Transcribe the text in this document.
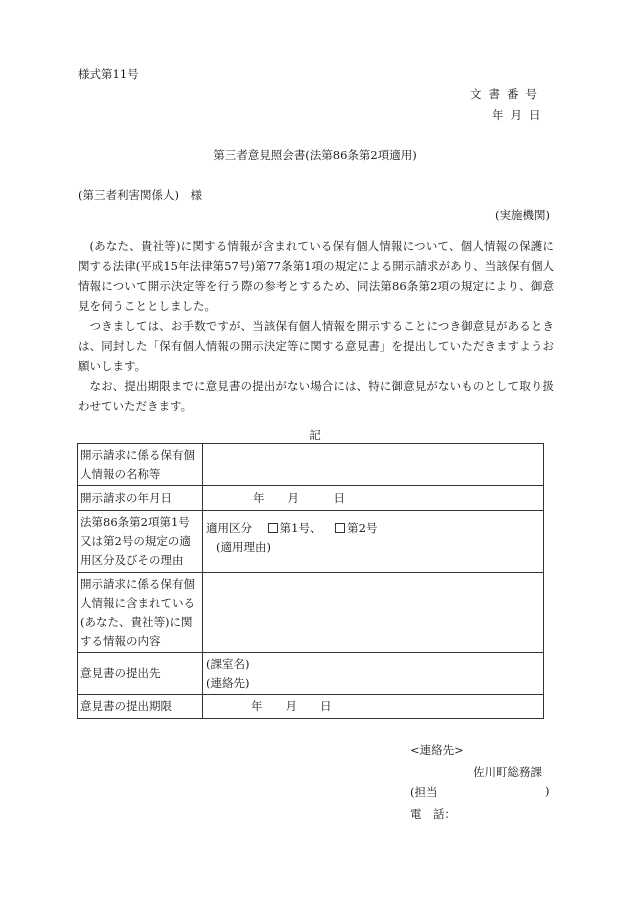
様式第11号
文書番号
年月日
第三者意見照会書(法第86条第2項適用)
(第三者利害関係人)　様
(実施機関)

(あなた、貴社等)に関する情報が含まれている保有個人情報について、個人情報の保護に関する法律(平成15年法律第57号)第77条第1項の規定による開示請求があり、当該保有個人情報について開示決定等を行う際の参考とするため、同法第86条第2項の規定により、御意見を伺うこととしました。

つきましては、お手数ですが、当該保有個人情報を開示することにつき御意見があるときは、同封した「保有個人情報の開示決定等に関する意見書」を提出していただきますようお願いします。

なお、提出期限までに意見書の提出がない場合には、特に御意見がないものとして取り扱わせていただきます。

記
開示請求に係る保有個人情報の名称等	
開示請求の年月日	年　　月　　　日
法第86条第2項第1号又は第2号の規定の適用区分及びその理由	適用区分 第1号、 第2号
(適用理由)

開示請求に係る保有個人情報に含まれている(あなた、貴社等)に関する情報の内容	
意見書の提出先	(課室名)
(連絡先)

意見書の提出期限	年　　月　　日
<連絡先>
佐川町総務課
(担当	)
電　話：
